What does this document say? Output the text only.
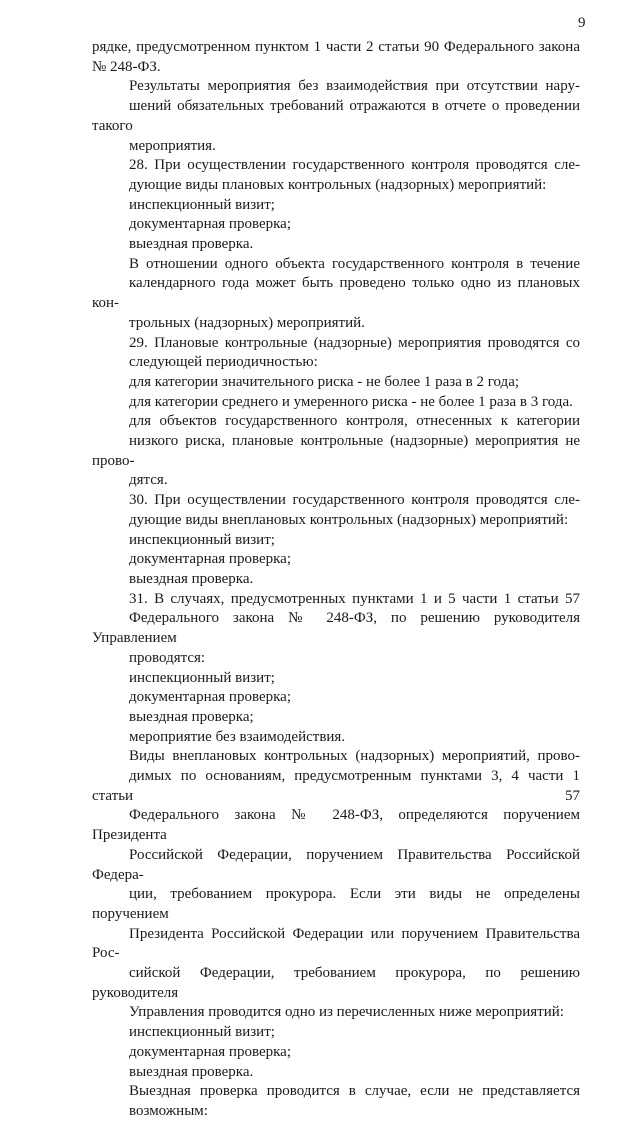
9
рядке, предусмотренном пунктом 1 части 2 статьи 90 Федерального закона
№ 248-ФЗ.
Результаты мероприятия без взаимодействия при отсутствии нару-
шений обязательных требований отражаются в отчете о проведении такого
мероприятия.
28. При осуществлении государственного контроля проводятся сле-
дующие виды плановых контрольных (надзорных) мероприятий:
инспекционный визит;
документарная проверка;
выездная проверка.
В отношении одного объекта государственного контроля в течение
календарного года может быть проведено только одно из плановых кон-
трольных (надзорных) мероприятий.
29. Плановые контрольные (надзорные) мероприятия проводятся со
следующей периодичностью:
для категории значительного риска - не более 1 раза в 2 года;
для категории среднего и умеренного риска - не более 1 раза в 3 года.
для объектов государственного контроля, отнесенных к категории
низкого риска, плановые контрольные (надзорные) мероприятия не прово-
дятся.
30. При осуществлении государственного контроля проводятся сле-
дующие виды внеплановых контрольных (надзорных) мероприятий:
инспекционный визит;
документарная проверка;
выездная проверка.
31. В случаях, предусмотренных пунктами 1 и 5 части 1 статьи 57
Федерального закона № 248-ФЗ, по решению руководителя Управлением
проводятся:
инспекционный визит;
документарная проверка;
выездная проверка;
мероприятие без взаимодействия.
Виды внеплановых контрольных (надзорных) мероприятий, прово-
димых по основаниям, предусмотренным пунктами 3, 4 части 1 статьи 57
Федерального закона № 248-ФЗ, определяются поручением Президента
Российской Федерации, поручением Правительства Российской Федера-
ции, требованием прокурора. Если эти виды не определены поручением
Президента Российской Федерации или поручением Правительства Рос-
сийской Федерации, требованием прокурора, по решению руководителя
Управления проводится одно из перечисленных ниже мероприятий:
инспекционный визит;
документарная проверка;
выездная проверка.
Выездная проверка проводится в случае, если не представляется
возможным:
